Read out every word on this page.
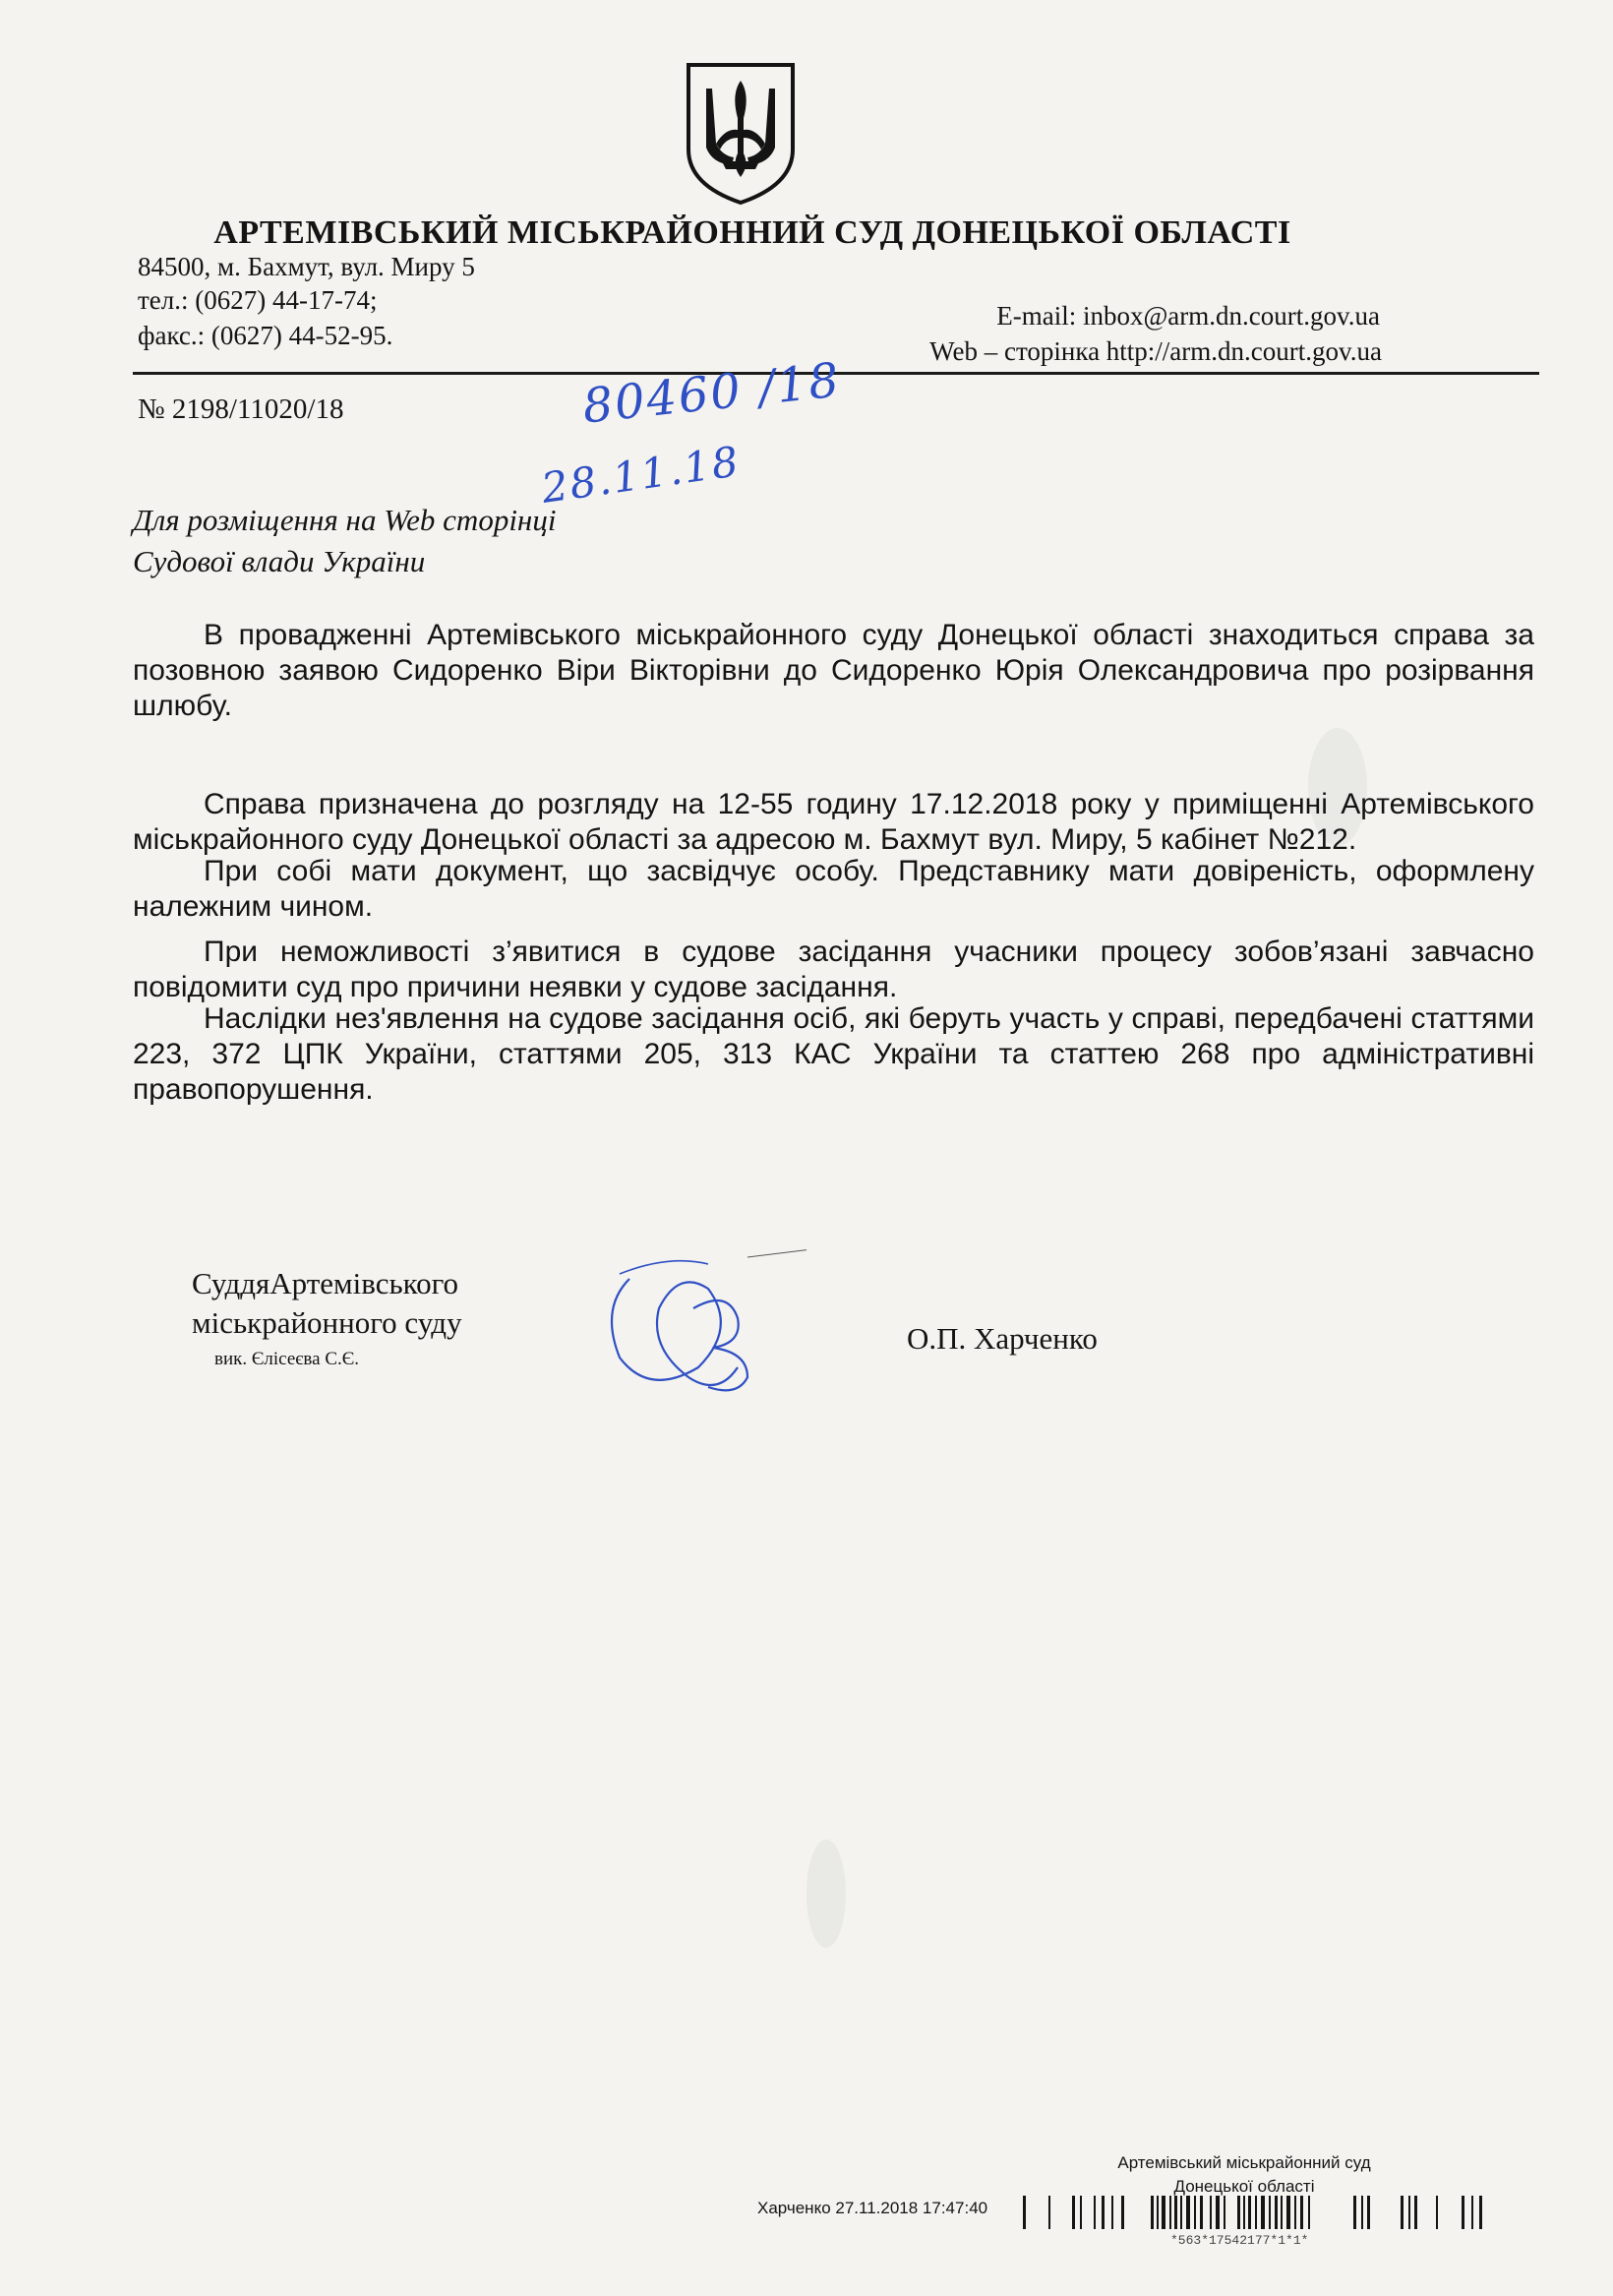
АРТЕМІВСЬКИЙ МІСЬКРАЙОННИЙ СУД ДОНЕЦЬКОЇ ОБЛАСТІ
84500, м. Бахмут, вул. Миру 5
тел.: (0627) 44-17-74;
факс.: (0627) 44-52-95.
E-mail: inbox@arm.dn.court.gov.ua
Web – сторінка http://arm.dn.court.gov.ua
№ 2198/11020/18	80460 /18
28.11.18
Для розміщення на Web сторінці
Судової влади України
В провадженні Артемівського міськрайонного суду Донецької області знаходиться справа за позовною заявою Сидоренко Віри Вікторівни до Сидоренко Юрія Олександровича про розірвання шлюбу.
Справа призначена до розгляду на 12-55 годину 17.12.2018 року у приміщенні Артемівського міськрайонного суду Донецької області за адресою м. Бахмут вул. Миру, 5 кабінет №212.
При собі мати документ, що засвідчує особу. Представнику мати довіреність, оформлену належним чином.
При неможливості з’явитися в судове засідання учасники процесу зобов’язані завчасно повідомити суд про причини неявки у судове засідання.
Наслідки нез'явлення на судове засідання осіб, які беруть участь у справі, передбачені статтями 223, 372 ЦПК України, статтями 205, 313 КАС України та статтею 268 про адміністративні правопорушення.
СуддяАртемівського
міськрайонного суду
вик. Єлісеєва С.Є.
О.П. Харченко
Артемівський міськрайонний суд
Донецької області
Харченко 27.11.2018 17:47:40
*563*17542177*1*1*
